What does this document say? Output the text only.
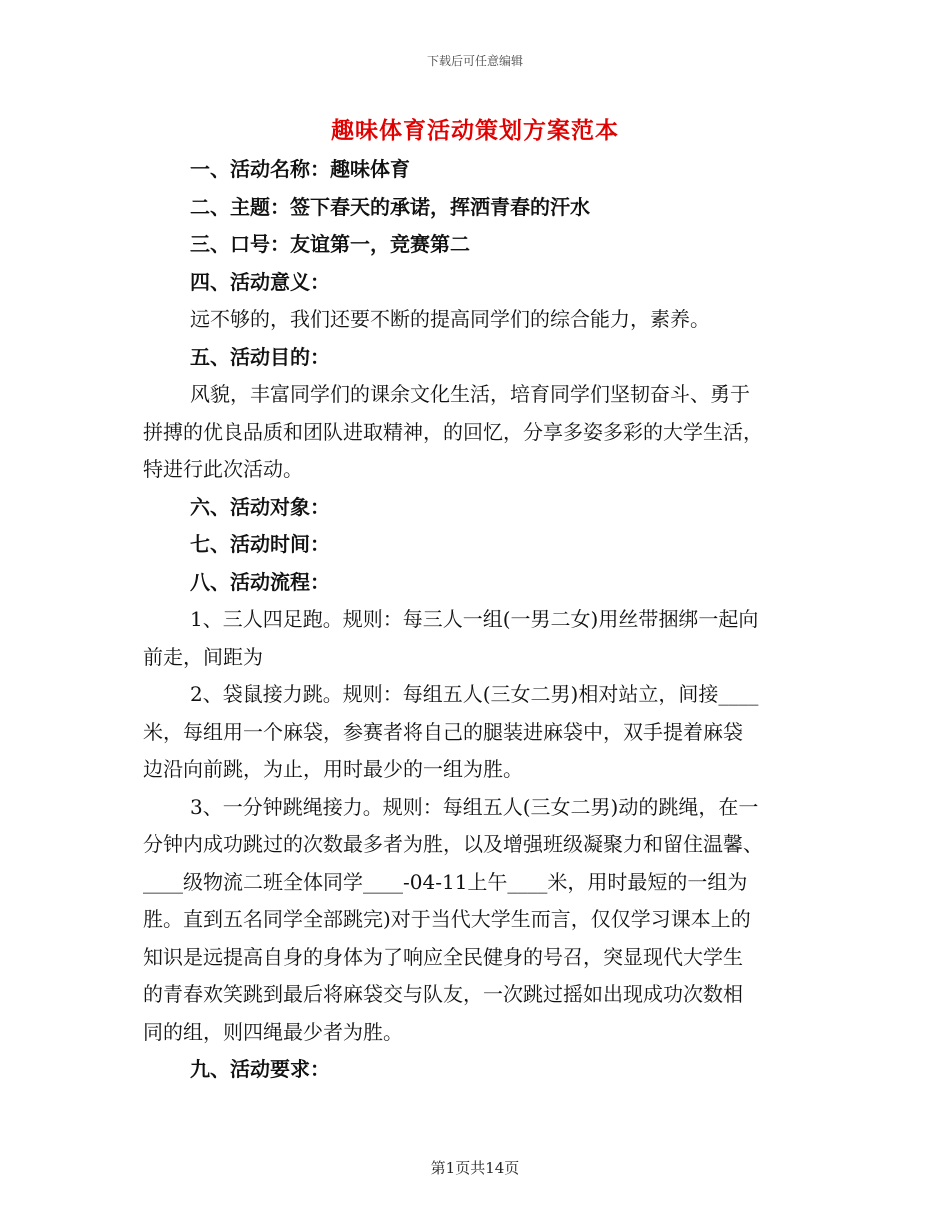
下载后可任意编辑
趣味体育活动策划方案范本
一、活动名称：趣味体育
二、主题：签下春天的承诺，挥洒青春的汗水
三、口号：友谊第一，竞赛第二
四、活动意义：
远不够的，我们还要不断的提高同学们的综合能力，素养。
五、活动目的：
风貌，丰富同学们的课余文化生活，培育同学们坚韧奋斗、勇于
拼搏的优良品质和团队进取精神，的回忆，分享多姿多彩的大学生活，
特进行此次活动。
六、活动对象：
七、活动时间：
八、活动流程：
1、三人四足跑。规则：每三人一组(一男二女)用丝带捆绑一起向
前走，间距为
2、袋鼠接力跳。规则：每组五人(三女二男)相对站立，间接____
米，每组用一个麻袋，参赛者将自己的腿装进麻袋中，双手提着麻袋
边沿向前跳，为止，用时最少的一组为胜。
3、一分钟跳绳接力。规则：每组五人(三女二男)动的跳绳，在一
分钟内成功跳过的次数最多者为胜，以及增强班级凝聚力和留住温馨、
____级物流二班全体同学____-04-11上午____米，用时最短的一组为
胜。直到五名同学全部跳完)对于当代大学生而言，仅仅学习课本上的
知识是远提高自身的身体为了响应全民健身的号召，突显现代大学生
的青春欢笑跳到最后将麻袋交与队友，一次跳过摇如出现成功次数相
同的组，则四绳最少者为胜。
九、活动要求：
第1页共14页
